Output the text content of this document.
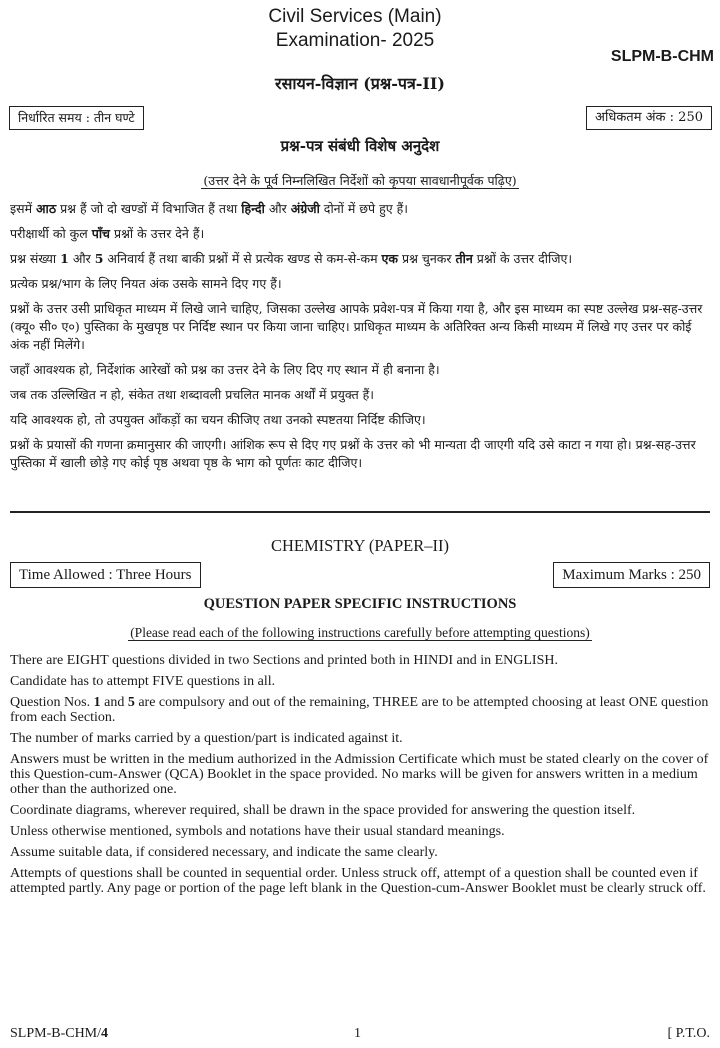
Civil Services (Main)
Examination- 2025
SLPM-B-CHM
रसायन-विज्ञान (प्रश्न-पत्र-II)
निर्धारित समय : तीन घण्टे	अधिकतम अंक : 250
प्रश्न-पत्र संबंधी विशेष अनुदेश
(उत्तर देने के पूर्व निम्नलिखित निर्देशों को कृपया सावधानीपूर्वक पढ़िए)

इसमें आठ प्रश्न हैं जो दो खण्डों में विभाजित हैं तथा हिन्दी और अंग्रेजी दोनों में छपे हुए हैं।

परीक्षार्थी को कुल पाँच प्रश्नों के उत्तर देने हैं।

प्रश्न संख्या 1 और 5 अनिवार्य हैं तथा बाकी प्रश्नों में से प्रत्येक खण्ड से कम-से-कम एक प्रश्न चुनकर तीन प्रश्नों के उत्तर दीजिए।

प्रत्येक प्रश्न/भाग के लिए नियत अंक उसके सामने दिए गए हैं।

प्रश्नों के उत्तर उसी प्राधिकृत माध्यम में लिखे जाने चाहिए, जिसका उल्लेख आपके प्रवेश-पत्र में किया गया है, और इस माध्यम का स्पष्ट उल्लेख प्रश्न-सह-उत्तर (क्यू० सी० ए०) पुस्तिका के मुखपृष्ठ पर निर्दिष्ट स्थान पर किया जाना चाहिए। प्राधिकृत माध्यम के अतिरिक्त अन्य किसी माध्यम में लिखे गए उत्तर पर कोई अंक नहीं मिलेंगे।

जहाँ आवश्यक हो, निर्देशांक आरेखों को प्रश्न का उत्तर देने के लिए दिए गए स्थान में ही बनाना है।

जब तक उल्लिखित न हो, संकेत तथा शब्दावली प्रचलित मानक अर्थों में प्रयुक्त हैं।

यदि आवश्यक हो, तो उपयुक्त आँकड़ों का चयन कीजिए तथा उनको स्पष्टतया निर्दिष्ट कीजिए।

प्रश्नों के प्रयासों की गणना क्रमानुसार की जाएगी। आंशिक रूप से दिए गए प्रश्नों के उत्तर को भी मान्यता दी जाएगी यदि उसे काटा न गया हो। प्रश्न-सह-उत्तर पुस्तिका में खाली छोड़े गए कोई पृष्ठ अथवा पृष्ठ के भाग को पूर्णतः काट दीजिए।

CHEMISTRY (PAPER–II)
Time Allowed : Three Hours	Maximum Marks : 250
QUESTION PAPER SPECIFIC INSTRUCTIONS
(Please read each of the following instructions carefully before attempting questions)

There are EIGHT questions divided in two Sections and printed both in HINDI and in ENGLISH.

Candidate has to attempt FIVE questions in all.

Question Nos. 1 and 5 are compulsory and out of the remaining, THREE are to be attempted choosing at least ONE question from each Section.

The number of marks carried by a question/part is indicated against it.

Answers must be written in the medium authorized in the Admission Certificate which must be stated clearly on the cover of this Question-cum-Answer (QCA) Booklet in the space provided. No marks will be given for answers written in a medium other than the authorized one.

Coordinate diagrams, wherever required, shall be drawn in the space provided for answering the question itself.

Unless otherwise mentioned, symbols and notations have their usual standard meanings.

Assume suitable data, if considered necessary, and indicate the same clearly.

Attempts of questions shall be counted in sequential order. Unless struck off, attempt of a question shall be counted even if attempted partly. Any page or portion of the page left blank in the Question-cum-Answer Booklet must be clearly struck off.

SLPM-B-CHM/4	1	[ P.T.O.
